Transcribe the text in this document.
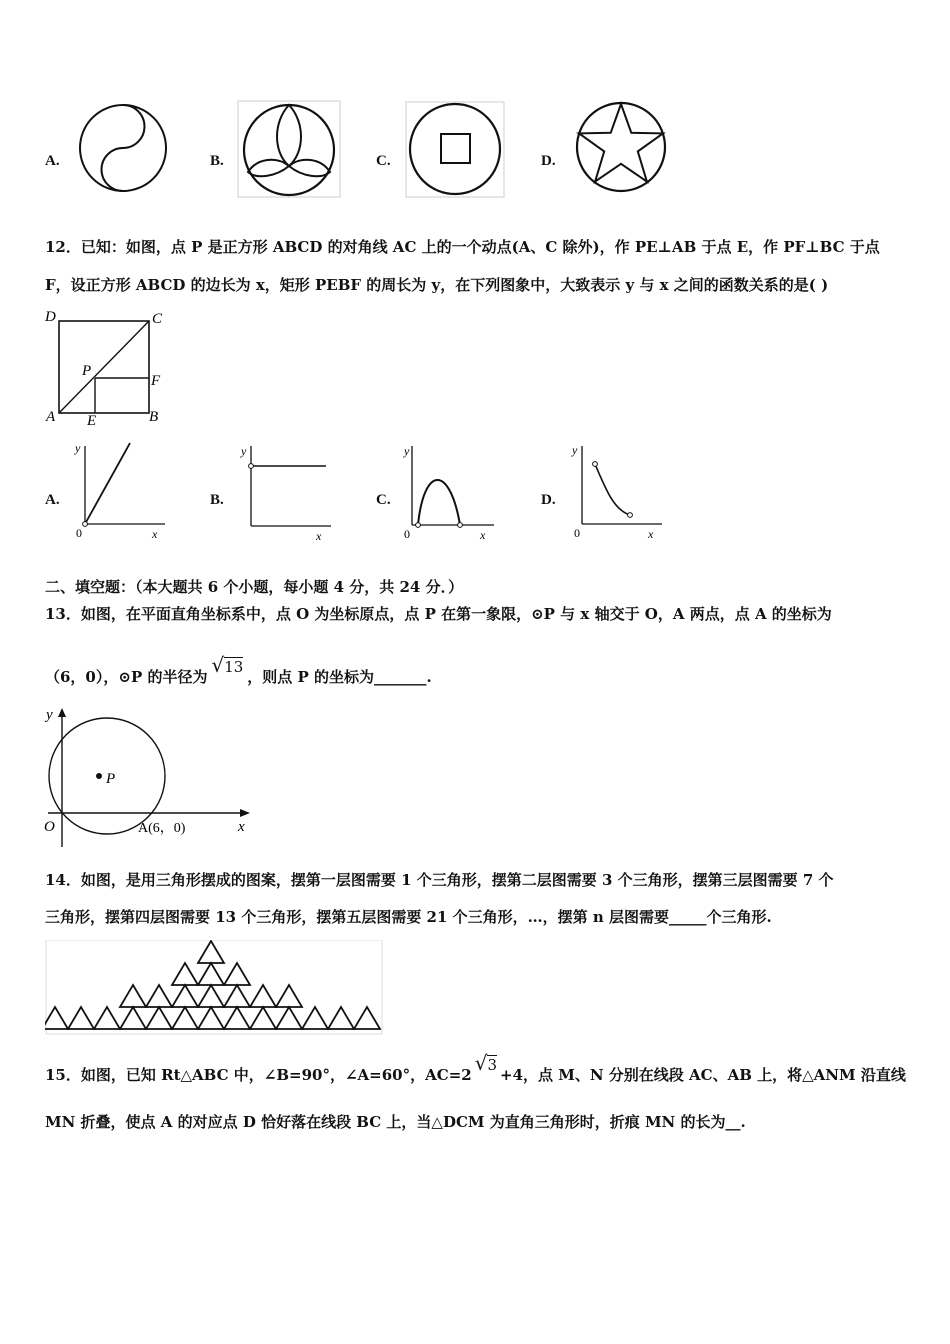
A.	B.	C.	D.
12．已知：如图，点 P 是正方形 ABCD 的对角线 AC 上的一个动点(A、C 除外)，作 PE⊥AB 于点 E，作 PF⊥BC 于点
F，设正方形 ABCD 的边长为 x，矩形 PEBF 的周长为 y，在下列图象中，大致表示 y 与 x 之间的函数关系的是( )
D	C
P
F
A E	B
A.
y
x
0
B.
y
x
C.
y
x
0
D.
y
x
0
二、填空题：（本大题共 6 个小题，每小题 4 分，共 24 分．）
13．如图，在平面直角坐标系中，点 O 为坐标原点，点 P 在第一象限，⊙P 与 x 轴交于 O，A 两点，点 A 的坐标为
（6，0），⊙P 的半径为 √13，则点 P 的坐标为_______.
P
y
x
O	A(6，0)
14．如图，是用三角形摆成的图案，摆第一层图需要 1 个三角形，摆第二层图需要 3 个三角形，摆第三层图需要 7 个
三角形，摆第四层图需要 13 个三角形，摆第五层图需要 21 个三角形，…，摆第 n 层图需要_____个三角形.
15．如图，已知 Rt△ABC 中，∠B=90°，∠A=60°，AC=2 √3+4，点 M、N 分别在线段 AC、AB 上，将△ANM 沿直线
MN 折叠，使点 A 的对应点 D 恰好落在线段 BC 上，当△DCM 为直角三角形时，折痕 MN 的长为__.
